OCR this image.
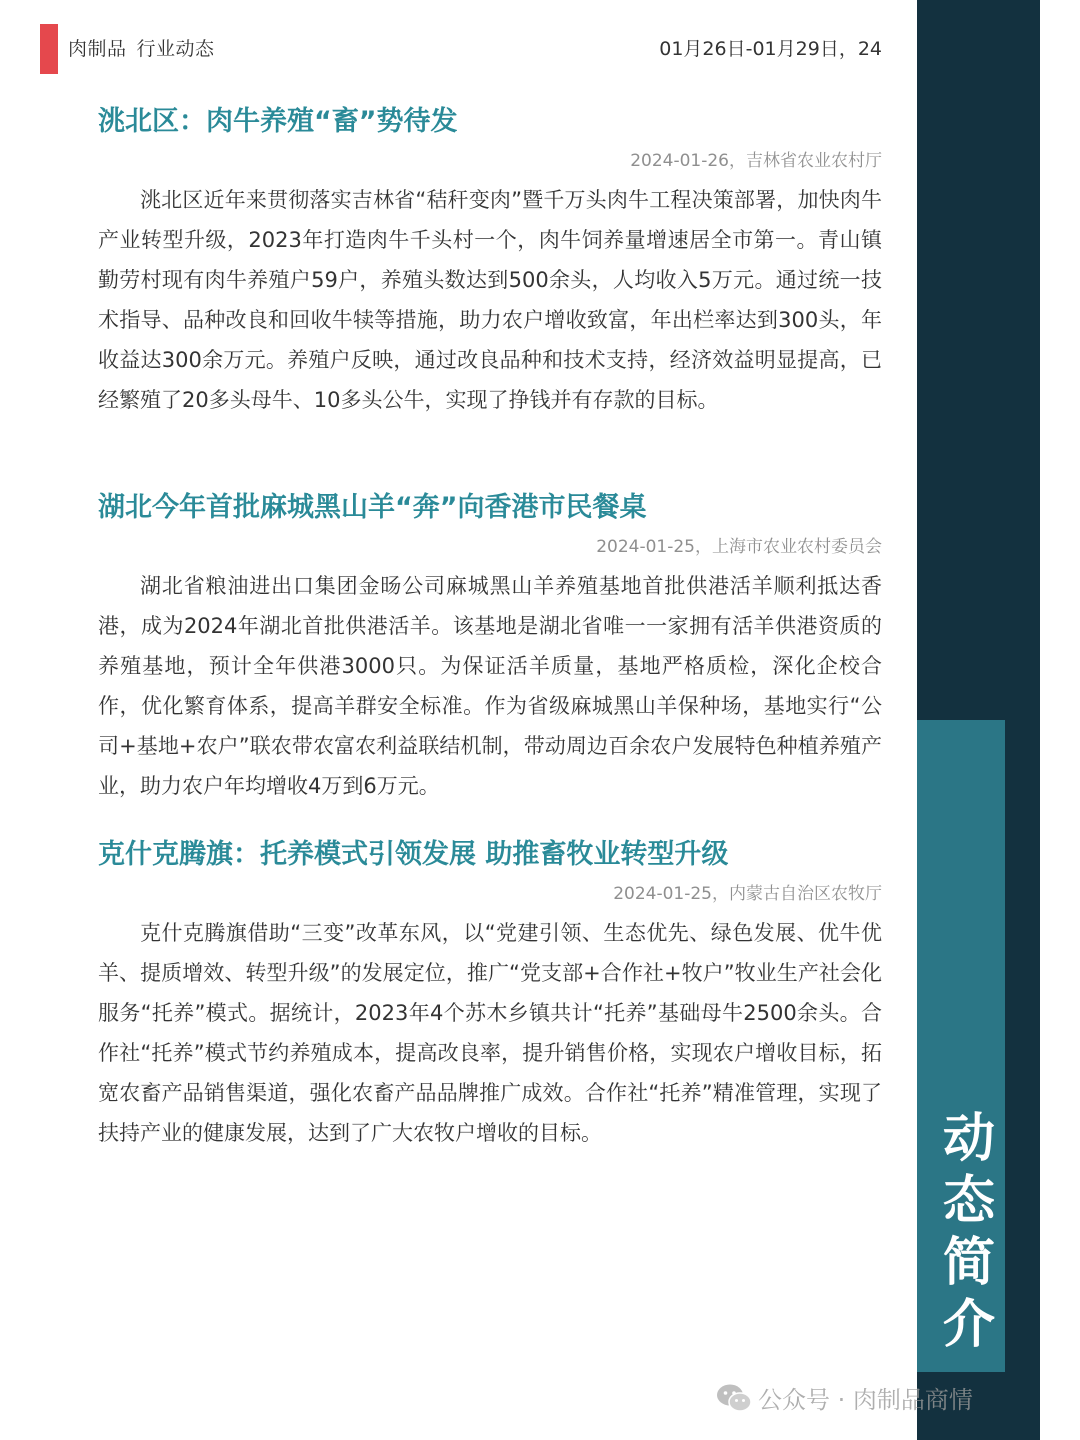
肉制品 行业动态	01月26日-01月29日，24
动
态
简
介
洮北区：肉牛养殖“畜”势待发
2024-01-26，吉林省农业农村厅

洮北区近年来贯彻落实吉林省“秸秆变肉”暨千万头肉牛工程决策部署，加快肉牛产业转型升级，2023年打造肉牛千头村一个，肉牛饲养量增速居全市第一。青山镇勤劳村现有肉牛养殖户59户，养殖头数达到500余头，人均收入5万元。通过统一技术指导、品种改良和回收牛犊等措施，助力农户增收致富，年出栏率达到300头，年收益达300余万元。养殖户反映，通过改良品种和技术支持，经济效益明显提高，已经繁殖了20多头母牛、10多头公牛，实现了挣钱并有存款的目标。

湖北今年首批麻城黑山羊“奔”向香港市民餐桌
2024-01-25，上海市农业农村委员会

湖北省粮油进出口集团金旸公司麻城黑山羊养殖基地首批供港活羊顺利抵达香港，成为2024年湖北首批供港活羊。该基地是湖北省唯一一家拥有活羊供港资质的养殖基地，预计全年供港3000只。为保证活羊质量，基地严格质检，深化企校合作，优化繁育体系，提高羊群安全标准。作为省级麻城黑山羊保种场，基地实行“公司+基地+农户”联农带农富农利益联结机制，带动周边百余农户发展特色种植养殖产业，助力农户年均增收4万到6万元。

克什克腾旗：托养模式引领发展 助推畜牧业转型升级
2024-01-25，内蒙古自治区农牧厅

克什克腾旗借助“三变”改革东风，以“党建引领、生态优先、绿色发展、优牛优羊、提质增效、转型升级”的发展定位，推广“党支部+合作社+牧户”牧业生产社会化服务“托养”模式。据统计，2023年4个苏木乡镇共计“托养”基础母牛2500余头。合作社“托养”模式节约养殖成本，提高改良率，提升销售价格，实现农户增收目标，拓宽农畜产品销售渠道，强化农畜产品品牌推广成效。合作社“托养”精准管理，实现了扶持产业的健康发展，达到了广大农牧户增收的目标。

公众号 · 肉制品商情
